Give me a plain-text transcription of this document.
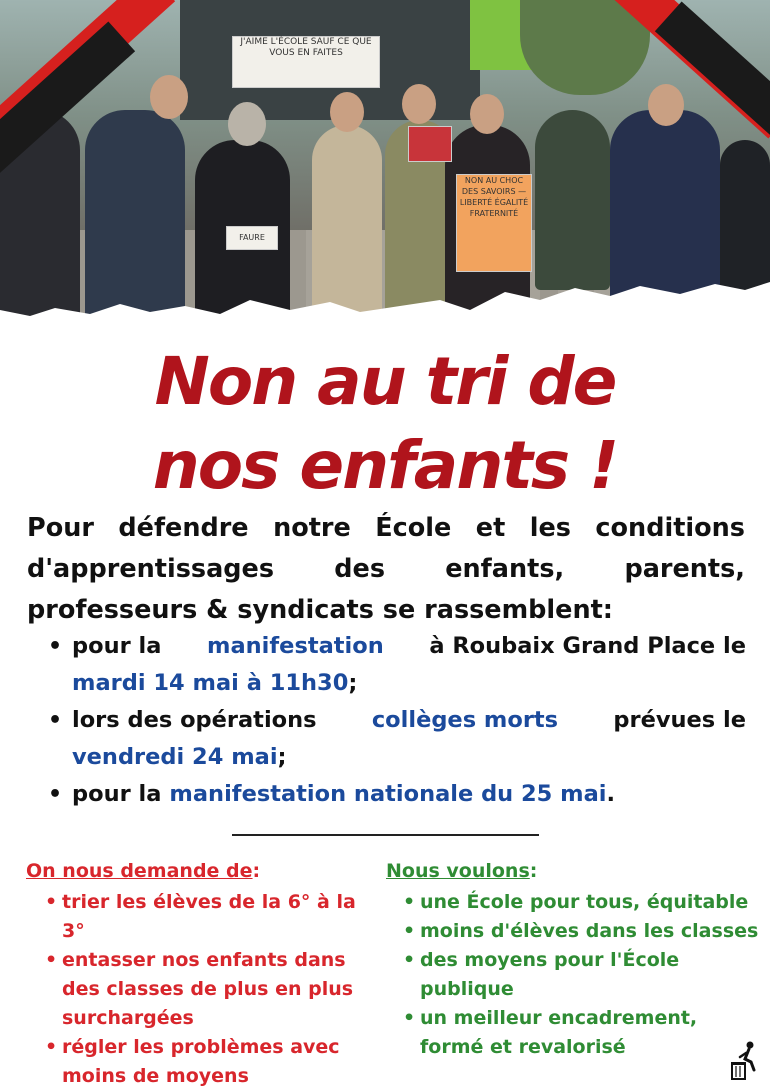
J'AIME L'ÉCOLE SAUF CE QUE VOUS EN FAITES
NON AU CHOC DES SAVOIRS — LIBERTÉ ÉGALITÉ FRATERNITÉ
FAURE
Non au tri de
nos enfants !
Pour défendre notre École et les conditions
d'apprentissages des enfants, parents,
professeurs & syndicats se rassemblent:
• pour la manifestation à Roubaix Grand Place le
mardi 14 mai à 11h30 ;
• lors des opérations collèges morts prévues le
vendredi 24 mai ;
• pour la manifestation nationale du 25 mai.
On nous demande de:
• trier les élèves de la 6° à la 3°
• entasser nos enfants dans des classes de plus en plus surchargées
• régler les problèmes avec moins de moyens
Nous voulons:
• une École pour tous, équitable
• moins d'élèves dans les classes
• des moyens pour l'École publique
• un meilleur encadrement, formé et revalorisé
